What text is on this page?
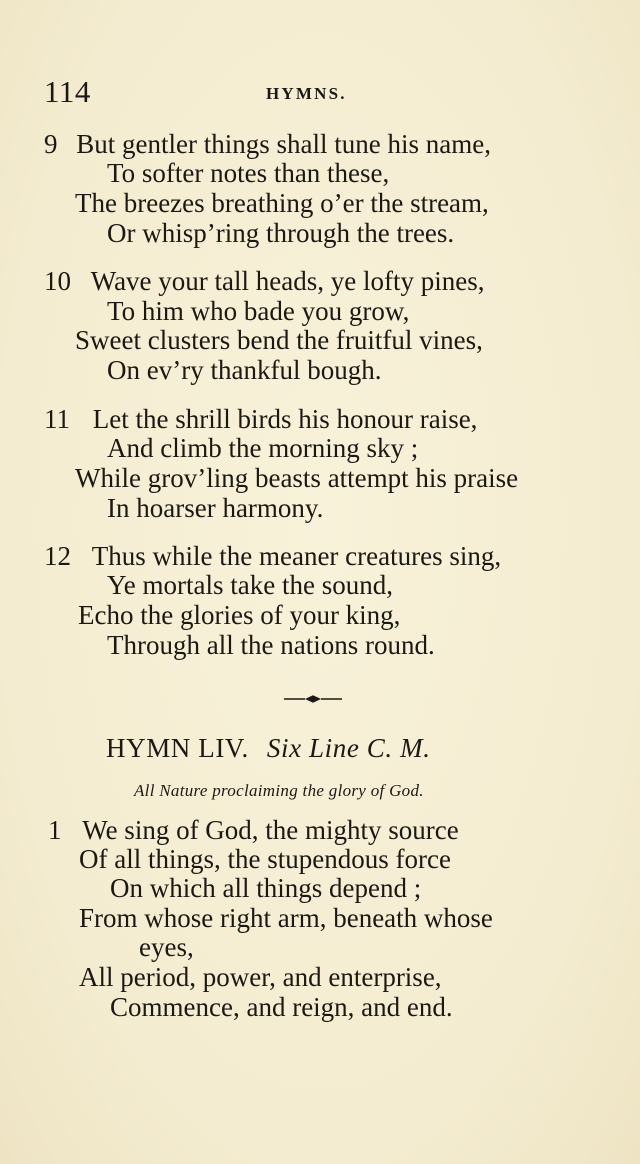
114	HYMNS.
9 But gentler things shall tune his name,
To softer notes than these,
The breezes breathing o’er the stream,
Or whisp’ring through the trees.
10 Wave your tall heads, ye lofty pines,
To him who bade you grow,
Sweet clusters bend the fruitful vines,
On ev’ry thankful bough.
11 Let the shrill birds his honour raise,
And climb the morning sky ;
While grov’ling beasts attempt his praise
In hoarser harmony.
12 Thus while the meaner creatures sing,
Ye mortals take the sound,
Echo the glories of your king,
Through all the nations round.
HYMN LIV. Six Line C. M.
All Nature proclaiming the glory of God.
1 We sing of God, the mighty source
Of all things, the stupendous force
On which all things depend ;
From whose right arm, beneath whose
eyes,
All period, power, and enterprise,
Commence, and reign, and end.
